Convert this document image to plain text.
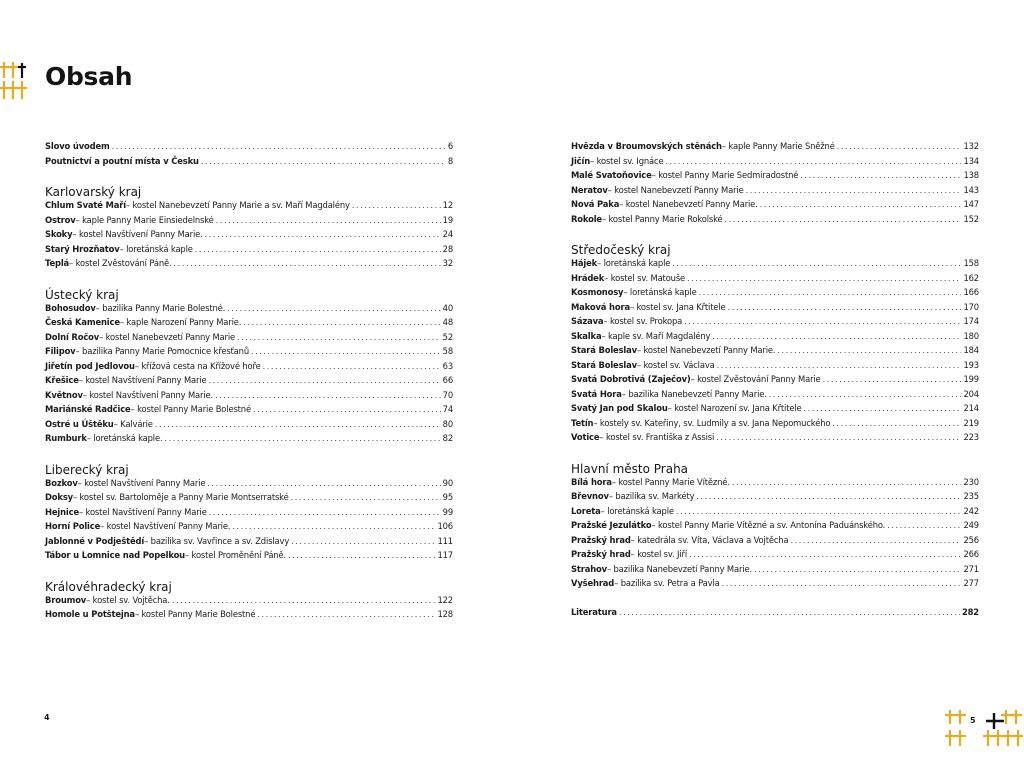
Obsah
Slovo úvodem .....	6
Poutnictví a poutní místa v Česku .....	8
Karlovarský kraj
Chlum Svaté Maří – kostel Nanebevzetí Panny Marie a sv. Maří Magdalény .....	12
Ostrov – kaple Panny Marie Einsiedelnské .....	19
Skoky – kostel Navštívení Panny Marie. .....	24
Starý Hrozňatov – loretánská kaple .....	28
Teplá – kostel Zvěstování Páně. .....	32
Ústecký kraj
Bohosudov – bazilika Panny Marie Bolestné. .....	40
Česká Kamenice – kaple Narození Panny Marie. .....	48
Dolní Ročov – kostel Nanebevzetí Panny Marie .....	52
Filipov – bazilika Panny Marie Pomocnice křesťanů .....	58
Jiřetín pod Jedlovou – křížová cesta na Křížové hoře .....	63
Křešice – kostel Navštívení Panny Marie .....	66
Květnov – kostel Navštívení Panny Marie. .....	70
Mariánské Radčice – kostel Panny Marie Bolestné .....	74
Ostré u Úštěku – Kalvárie .....	80
Rumburk – loretánská kaple. .....	82
Liberecký kraj
Bozkov – kostel Navštívení Panny Marie .....	90
Doksy – kostel sv. Bartoloměje a Panny Marie Montserratské .....	95
Hejnice – kostel Navštívení Panny Marie .....	99
Horní Police – kostel Navštívení Panny Marie. .....	106
Jablonné v Podještědí – bazilika sv. Vavřince a sv. Zdislavy .....	111
Tábor u Lomnice nad Popelkou – kostel Proměnění Páně. .....	117
Královéhradecký kraj
Broumov – kostel sv. Vojtěcha. .....	122
Homole u Potštejna – kostel Panny Marie Bolestné .....	128
Hvězda v Broumovských stěnách – kaple Panny Marie Sněžné .....	132
Jičín – kostel sv. Ignáce .....	134
Malé Svatoňovice – kostel Panny Marie Sedmiradostné .....	138
Neratov – kostel Nanebevzetí Panny Marie .....	143
Nová Paka – kostel Nanebevzetí Panny Marie. .....	147
Rokole – kostel Panny Marie Rokolské .....	152
Středočeský kraj
Hájek – loretánská kaple .....	158
Hrádek – kostel sv. Matouše .....	162
Kosmonosy – loretánská kaple .....	166
Maková hora – kostel sv. Jana Křtitele .....	170
Sázava – kostel sv. Prokopa .....	174
Skalka – kaple sv. Maří Magdalény .....	180
Stará Boleslav – kostel Nanebevzetí Panny Marie. .....	184
Stará Boleslav – kostel sv. Václava .....	193
Svatá Dobrotivá (Zaječov) – kostel Zvěstování Panny Marie .....	199
Svatá Hora – bazilika Nanebevzetí Panny Marie. .....	204
Svatý Jan pod Skalou – kostel Narození sv. Jana Křtitele .....	214
Tetín – kostely sv. Kateřiny, sv. Ludmily a sv. Jana Nepomuckého .....	219
Votice – kostel sv. Františka z Assisi .....	223
Hlavní město Praha
Bílá hora – kostel Panny Marie Vítězné. .....	230
Břevnov – bazilika sv. Markéty .....	235
Loreta – loretánská kaple .....	242
Pražské Jezulátko – kostel Panny Marie Vítězné a sv. Antonína Paduánského. .....	249
Pražský hrad – katedrála sv. Víta, Václava a Vojtěcha .....	256
Pražský hrad – kostel sv. Jiří .....	266
Strahov – bazilika Nanebevzetí Panny Marie. .....	271
Vyšehrad – bazilika sv. Petra a Pavla .....	277
Literatura .....	282
4	5
